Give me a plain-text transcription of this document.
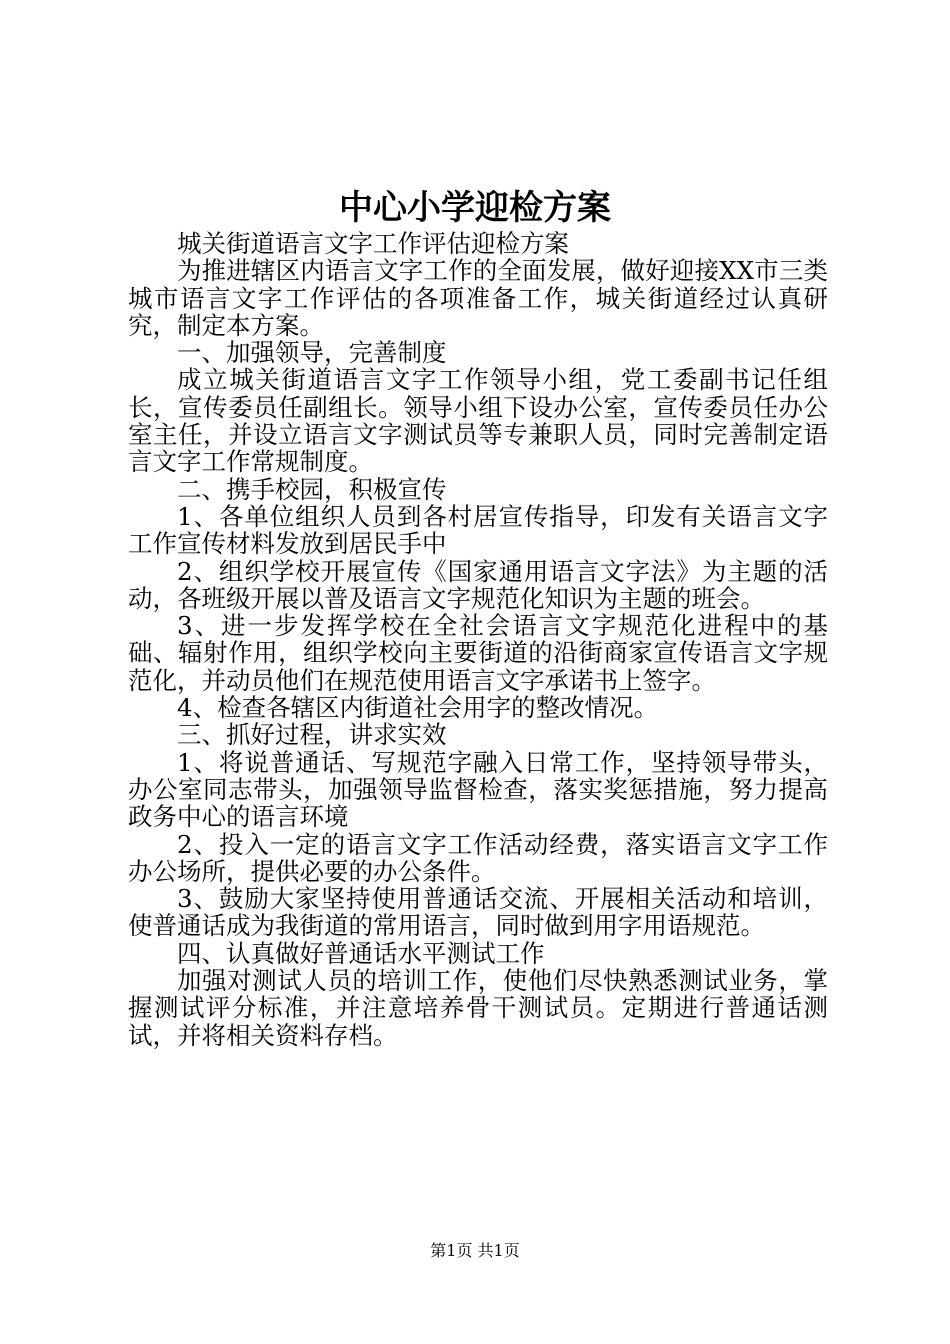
中心小学迎检方案

城关街道语言文字工作评估迎检方案

为推进辖区内语言文字工作的全面发展，做好迎接XX市三类城市语言文字工作评估的各项准备工作，城关街道经过认真研究，制定本方案。

一、加强领导，完善制度

成立城关街道语言文字工作领导小组，党工委副书记任组长，宣传委员任副组长。领导小组下设办公室，宣传委员任办公室主任，并设立语言文字测试员等专兼职人员，同时完善制定语言文字工作常规制度。

二、携手校园，积极宣传

1、各单位组织人员到各村居宣传指导，印发有关语言文字工作宣传材料发放到居民手中

2、组织学校开展宣传《国家通用语言文字法》为主题的活动，各班级开展以普及语言文字规范化知识为主题的班会。

3、进一步发挥学校在全社会语言文字规范化进程中的基础、辐射作用，组织学校向主要街道的沿街商家宣传语言文字规范化，并动员他们在规范使用语言文字承诺书上签字。

4、检查各辖区内街道社会用字的整改情况。

三、抓好过程，讲求实效

1、将说普通话、写规范字融入日常工作，坚持领导带头，办公室同志带头，加强领导监督检查，落实奖惩措施，努力提高政务中心的语言环境

2、投入一定的语言文字工作活动经费，落实语言文字工作办公场所，提供必要的办公条件。

3、鼓励大家坚持使用普通话交流、开展相关活动和培训，使普通话成为我街道的常用语言，同时做到用字用语规范。

四、认真做好普通话水平测试工作

加强对测试人员的培训工作，使他们尽快熟悉测试业务，掌握测试评分标准，并注意培养骨干测试员。定期进行普通话测试，并将相关资料存档。

第1页 共1页
